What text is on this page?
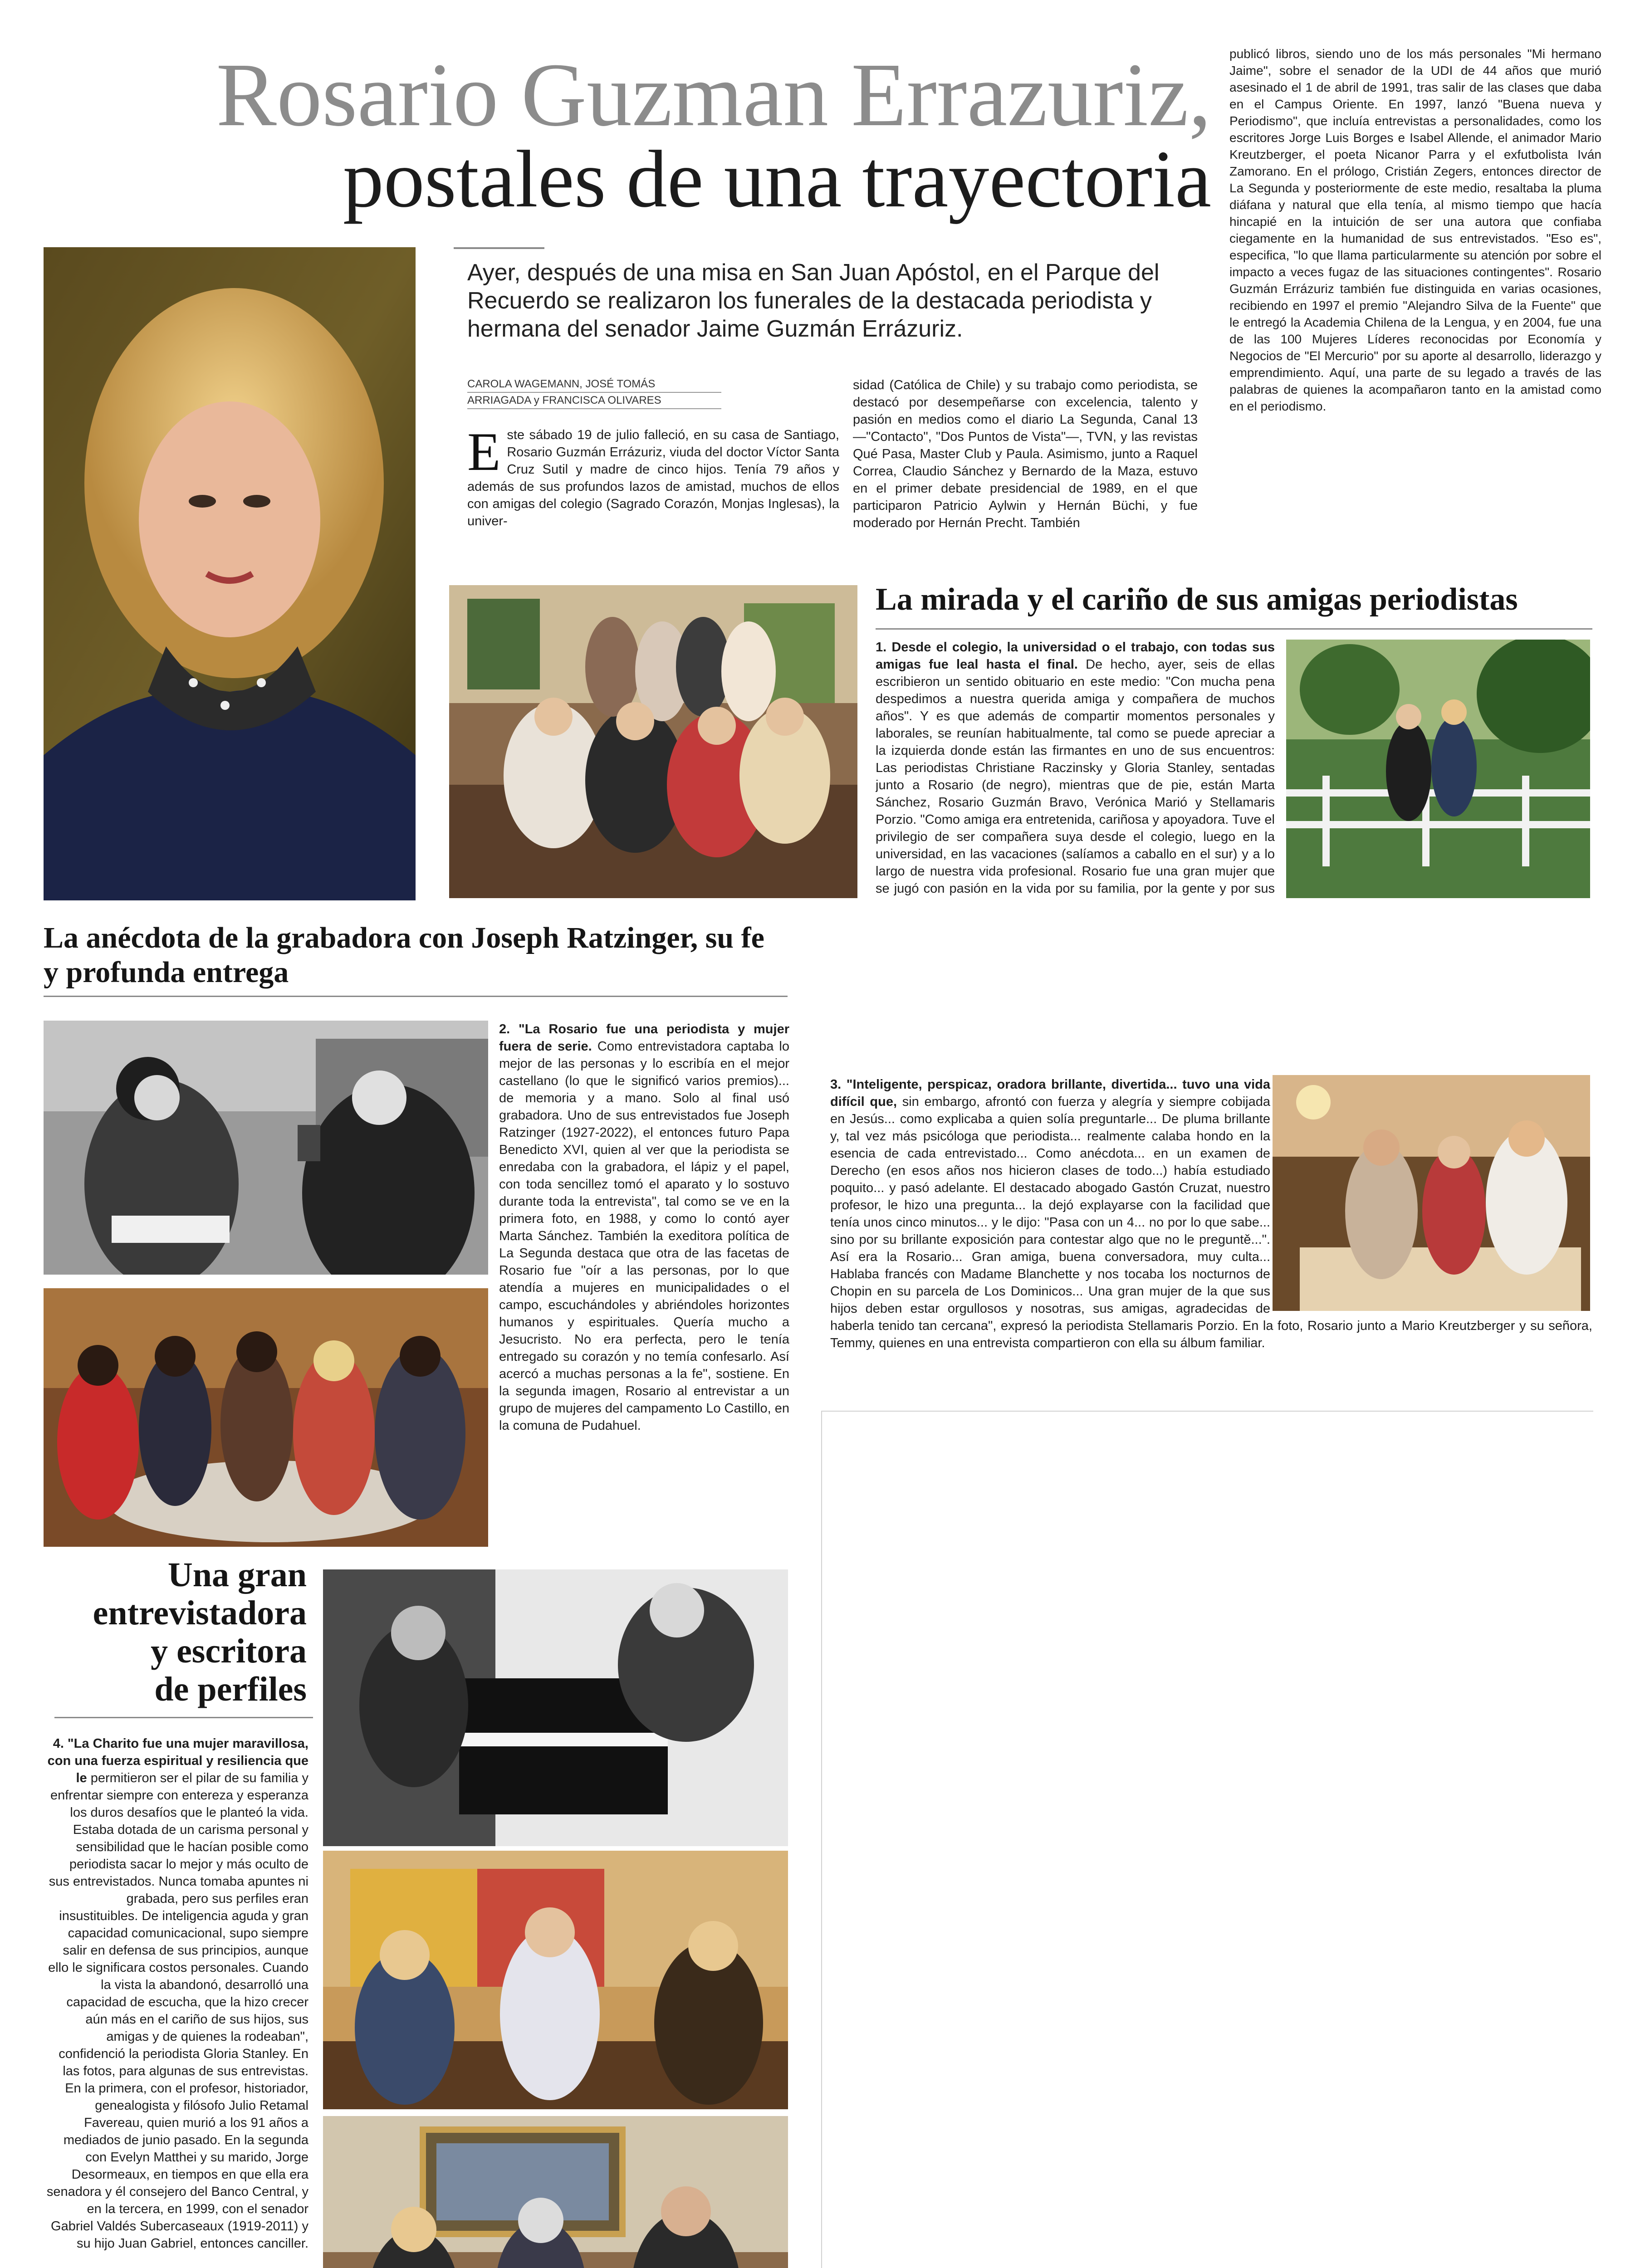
Rosario Guzman Errazuriz,
postales de una trayectoria
Ayer, después de una misa en San Juan Apóstol, en el Parque del Recuerdo se realizaron los funerales de la destacada periodista y hermana del senador Jaime Guzmán Errázuriz.
CAROLA WAGEMANN, JOSÉ TOMÁS
ARRIAGADA y FRANCISCA OLIVARES
Este sábado 19 de julio falleció, en su casa de Santiago, Rosario Guzmán Errázuriz, viuda del doctor Víctor Santa Cruz Sutil y madre de cinco hijos. Tenía 79 años y además de sus profundos lazos de amistad, muchos de ellos con amigas del colegio (Sagrado Corazón, Monjas Inglesas), la univer-
sidad (Católica de Chile) y su trabajo como periodista, se destacó por desempeñarse con excelencia, talento y pasión en medios como el diario La Segunda, Canal 13 —"Contacto", "Dos Puntos de Vista"—, TVN, y las revistas Qué Pasa, Master Club y Paula. Asimismo, junto a Raquel Correa, Claudio Sánchez y Bernardo de la Maza, estuvo en el primer debate presidencial de 1989, en el que participaron Patricio Aylwin y Hernán Büchi, y fue moderado por Hernán Precht. También
publicó libros, siendo uno de los más personales "Mi hermano Jaime", sobre el senador de la UDI de 44 años que murió asesinado el 1 de abril de 1991, tras salir de las clases que daba en el Campus Oriente. En 1997, lanzó "Buena nueva y Periodismo", que incluía entrevistas a personalidades, como los escritores Jorge Luis Borges e Isabel Allende, el animador Mario Kreutzberger, el poeta Nicanor Parra y el exfutbolista Iván Zamorano. En el prólogo, Cristián Zegers, entonces director de La Segunda y posteriormente de este medio, resaltaba la pluma diáfana y natural que ella tenía, al mismo tiempo que hacía hincapié en la intuición de ser una autora que confiaba ciegamente en la humanidad de sus entrevistados. "Eso es", especifica, "lo que llama particularmente su atención por sobre el impacto a veces fugaz de las situaciones contingentes". Rosario Guzmán Errázuriz también fue distinguida en varias ocasiones, recibiendo en 1997 el premio "Alejandro Silva de la Fuente" que le entregó la Academia Chilena de la Lengua, y en 2004, fue una de las 100 Mujeres Líderes reconocidas por Economía y Negocios de "El Mercurio" por su aporte al desarrollo, liderazgo y emprendimiento. Aquí, una parte de su legado a través de las palabras de quienes la acompañaron tanto en la amistad como en el periodismo.
La mirada y el cariño de sus amigas periodistas
1. Desde el colegio, la universidad o el trabajo, con todas sus amigas fue leal hasta el final. De hecho, ayer, seis de ellas escribieron un sentido obituario en este medio: "Con mucha pena despedimos a nuestra querida amiga y compañera de muchos años". Y es que además de compartir momentos personales y laborales, se reunían habitualmente, tal como se puede apreciar a la izquierda donde están las firmantes en uno de sus encuentros: Las periodistas Christiane Raczinsky y Gloria Stanley, sentadas junto a Rosario (de negro), mientras que de pie, están Marta Sánchez, Rosario Guzmán Bravo, Verónica Marió y Stellamaris Porzio. "Como amiga era entretenida, cariñosa y apoyadora. Tuve el privilegio de ser compañera suya desde el colegio, luego en la universidad, en las vacaciones (salíamos a caballo en el sur) y a lo largo de nuestra vida profesional. Rosario fue una gran mujer que se jugó con pasión en la vida por su familia, por la gente y por sus
3. "Inteligente, perspicaz, oradora brillante, divertida... tuvo una vida difícil que, sin embargo, afrontó con fuerza y alegría y siempre cobijada en Jesús... como explicaba a quien solía preguntarle... De pluma brillante y, tal vez más psicóloga que periodista... realmente calaba hondo en la esencia de cada entrevistado... Como anécdota... en un examen de Derecho (en esos años nos hicieron clases de todo...) había estudiado poquito... y pasó adelante. El destacado abogado Gastón Cruzat, nuestro profesor, le hizo una pregunta... la dejó explayarse con la facilidad que tenía unos cinco minutos... y le dijo: "Pasa con un 4... no por lo que sabe... sino por su brillante exposición para contestar algo que no le preguntě...". Así era la Rosario... Gran amiga, buena conversadora, muy culta... Hablaba francés con Madame Blanchette y nos tocaba los nocturnos de Chopin en su parcela de Los Dominicos... Una gran mujer de la que sus hijos deben estar orgullosos y nosotras, sus amigas, agradecidas de haberla tenido tan cercana", expresó la periodista Stellamaris Porzio. En la foto, Rosario junto a Mario Kreutzberger y su señora, Temmy, quienes en una entrevista compartieron con ella su álbum familiar.
La anécdota de la grabadora con Joseph Ratzinger, su fe y profunda entrega
2. "La Rosario fue una periodista y mujer fuera de serie. Como entrevistadora captaba lo mejor de las personas y lo escribía en el mejor castellano (lo que le significó varios premios)... de memoria y a mano. Solo al final usó grabadora. Uno de sus entrevistados fue Joseph Ratzinger (1927-2022), el entonces futuro Papa Benedicto XVI, quien al ver que la periodista se enredaba con la grabadora, el lápiz y el papel, con toda sencillez tomó el aparato y lo sostuvo durante toda la entrevista", tal como se ve en la primera foto, en 1988, y como lo contó ayer Marta Sánchez. También la exeditora política de La Segunda destaca que otra de las facetas de Rosario fue "oír a las personas, por lo que atendía a mujeres en municipalidades o el campo, escuchándoles y abriéndoles horizontes humanos y espirituales. Quería mucho a Jesucristo. No era perfecta, pero le tenía entregado su corazón y no temía confesarlo. Así acercó a muchas personas a la fe", sostiene. En la segunda imagen, Rosario al entrevistar a un grupo de mujeres del campamento Lo Castillo, en la comuna de Pudahuel.
Una gran
entrevistadora
y escritora
de perfiles
4. "La Charito fue una mujer maravillosa, con una fuerza espiritual y resiliencia que le permitieron ser el pilar de su familia y enfrentar siempre con entereza y esperanza los duros desafíos que le planteó la vida. Estaba dotada de un carisma personal y sensibilidad que le hacían posible como periodista sacar lo mejor y más oculto de sus entrevistados. Nunca tomaba apuntes ni grabada, pero sus perfiles eran insustituibles. De inteligencia aguda y gran capacidad comunicacional, supo siempre salir en defensa de sus principios, aunque ello le significara costos personales. Cuando la vista la abandonó, desarrolló una capacidad de escucha, que la hizo crecer aún más en el cariño de sus hijos, sus amigas y de quienes la rodeaban", confidenció la periodista Gloria Stanley. En las fotos, para algunas de sus entrevistas. En la primera, con el profesor, historiador, genealogista y filósofo Julio Retamal Favereau, quien murió a los 91 años a mediados de junio pasado. En la segunda con Evelyn Matthei y su marido, Jorge Desormeaux, en tiempos en que ella era senadora y él consejero del Banco Central, y en la tercera, en 1999, con el senador Gabriel Valdés Subercaseaux (1919-2011) y su hijo Juan Gabriel, entonces canciller.
